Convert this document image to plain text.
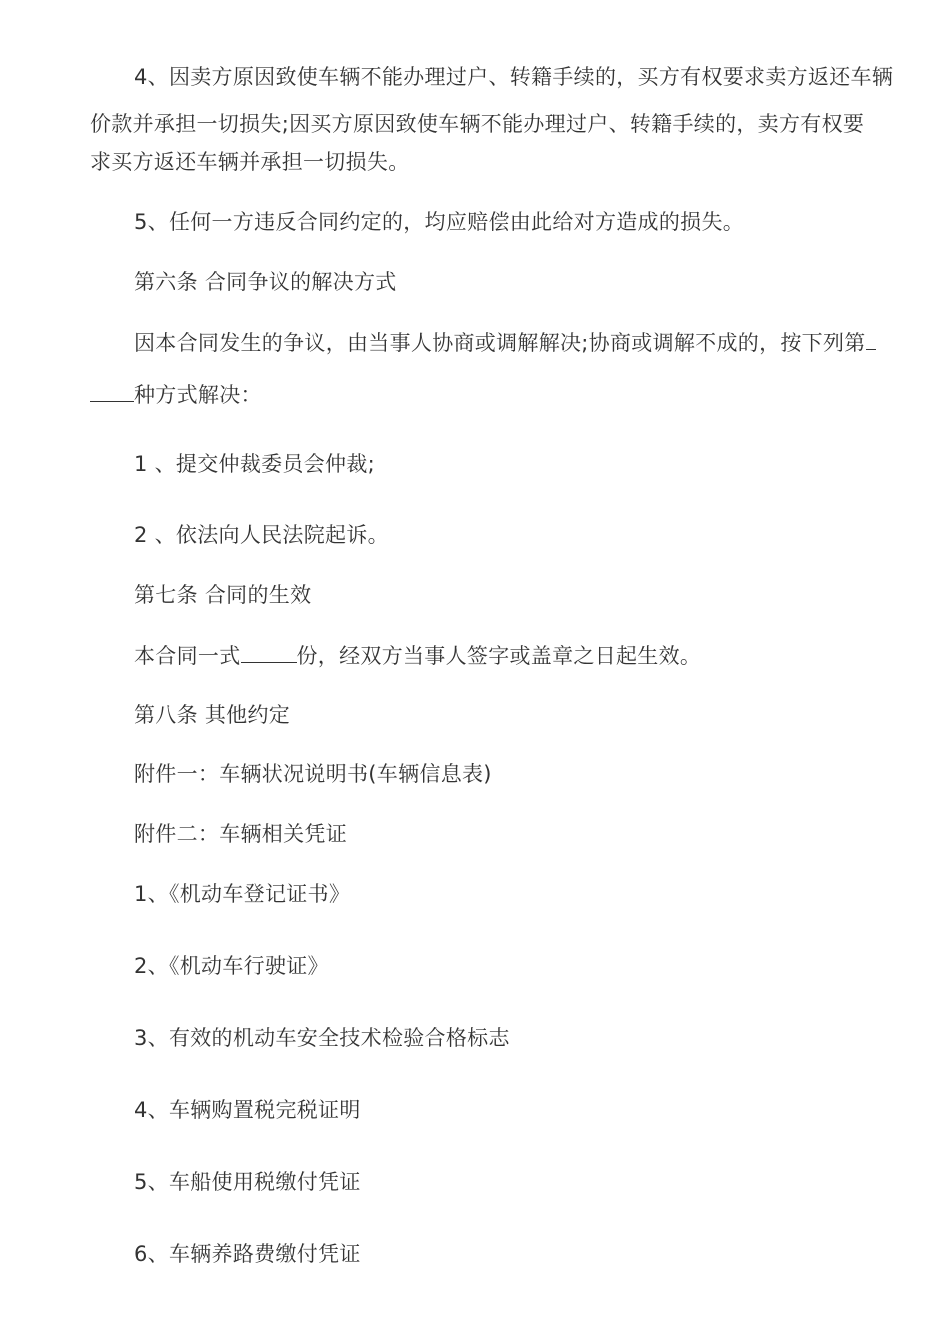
4、因卖方原因致使车辆不能办理过户、转籍手续的，买方有权要求卖方返还车辆
价款并承担一切损失;因买方原因致使车辆不能办理过户、转籍手续的，卖方有权要
求买方返还车辆并承担一切损失。
5、任何一方违反合同约定的，均应赔偿由此给对方造成的损失。
第六条 合同争议的解决方式
因本合同发生的争议，由当事人协商或调解解决;协商或调解不成的，按下列第
种方式解决：
1 、提交仲裁委员会仲裁;
2 、依法向人民法院起诉。
第七条 合同的生效
本合同一式	份，经双方当事人签字或盖章之日起生效。
第八条 其他约定
附件一：车辆状况说明书(车辆信息表)
附件二：车辆相关凭证
1、《机动车登记证书》
2、《机动车行驶证》
3、有效的机动车安全技术检验合格标志
4、车辆购置税完税证明
5、车船使用税缴付凭证
6、车辆养路费缴付凭证
